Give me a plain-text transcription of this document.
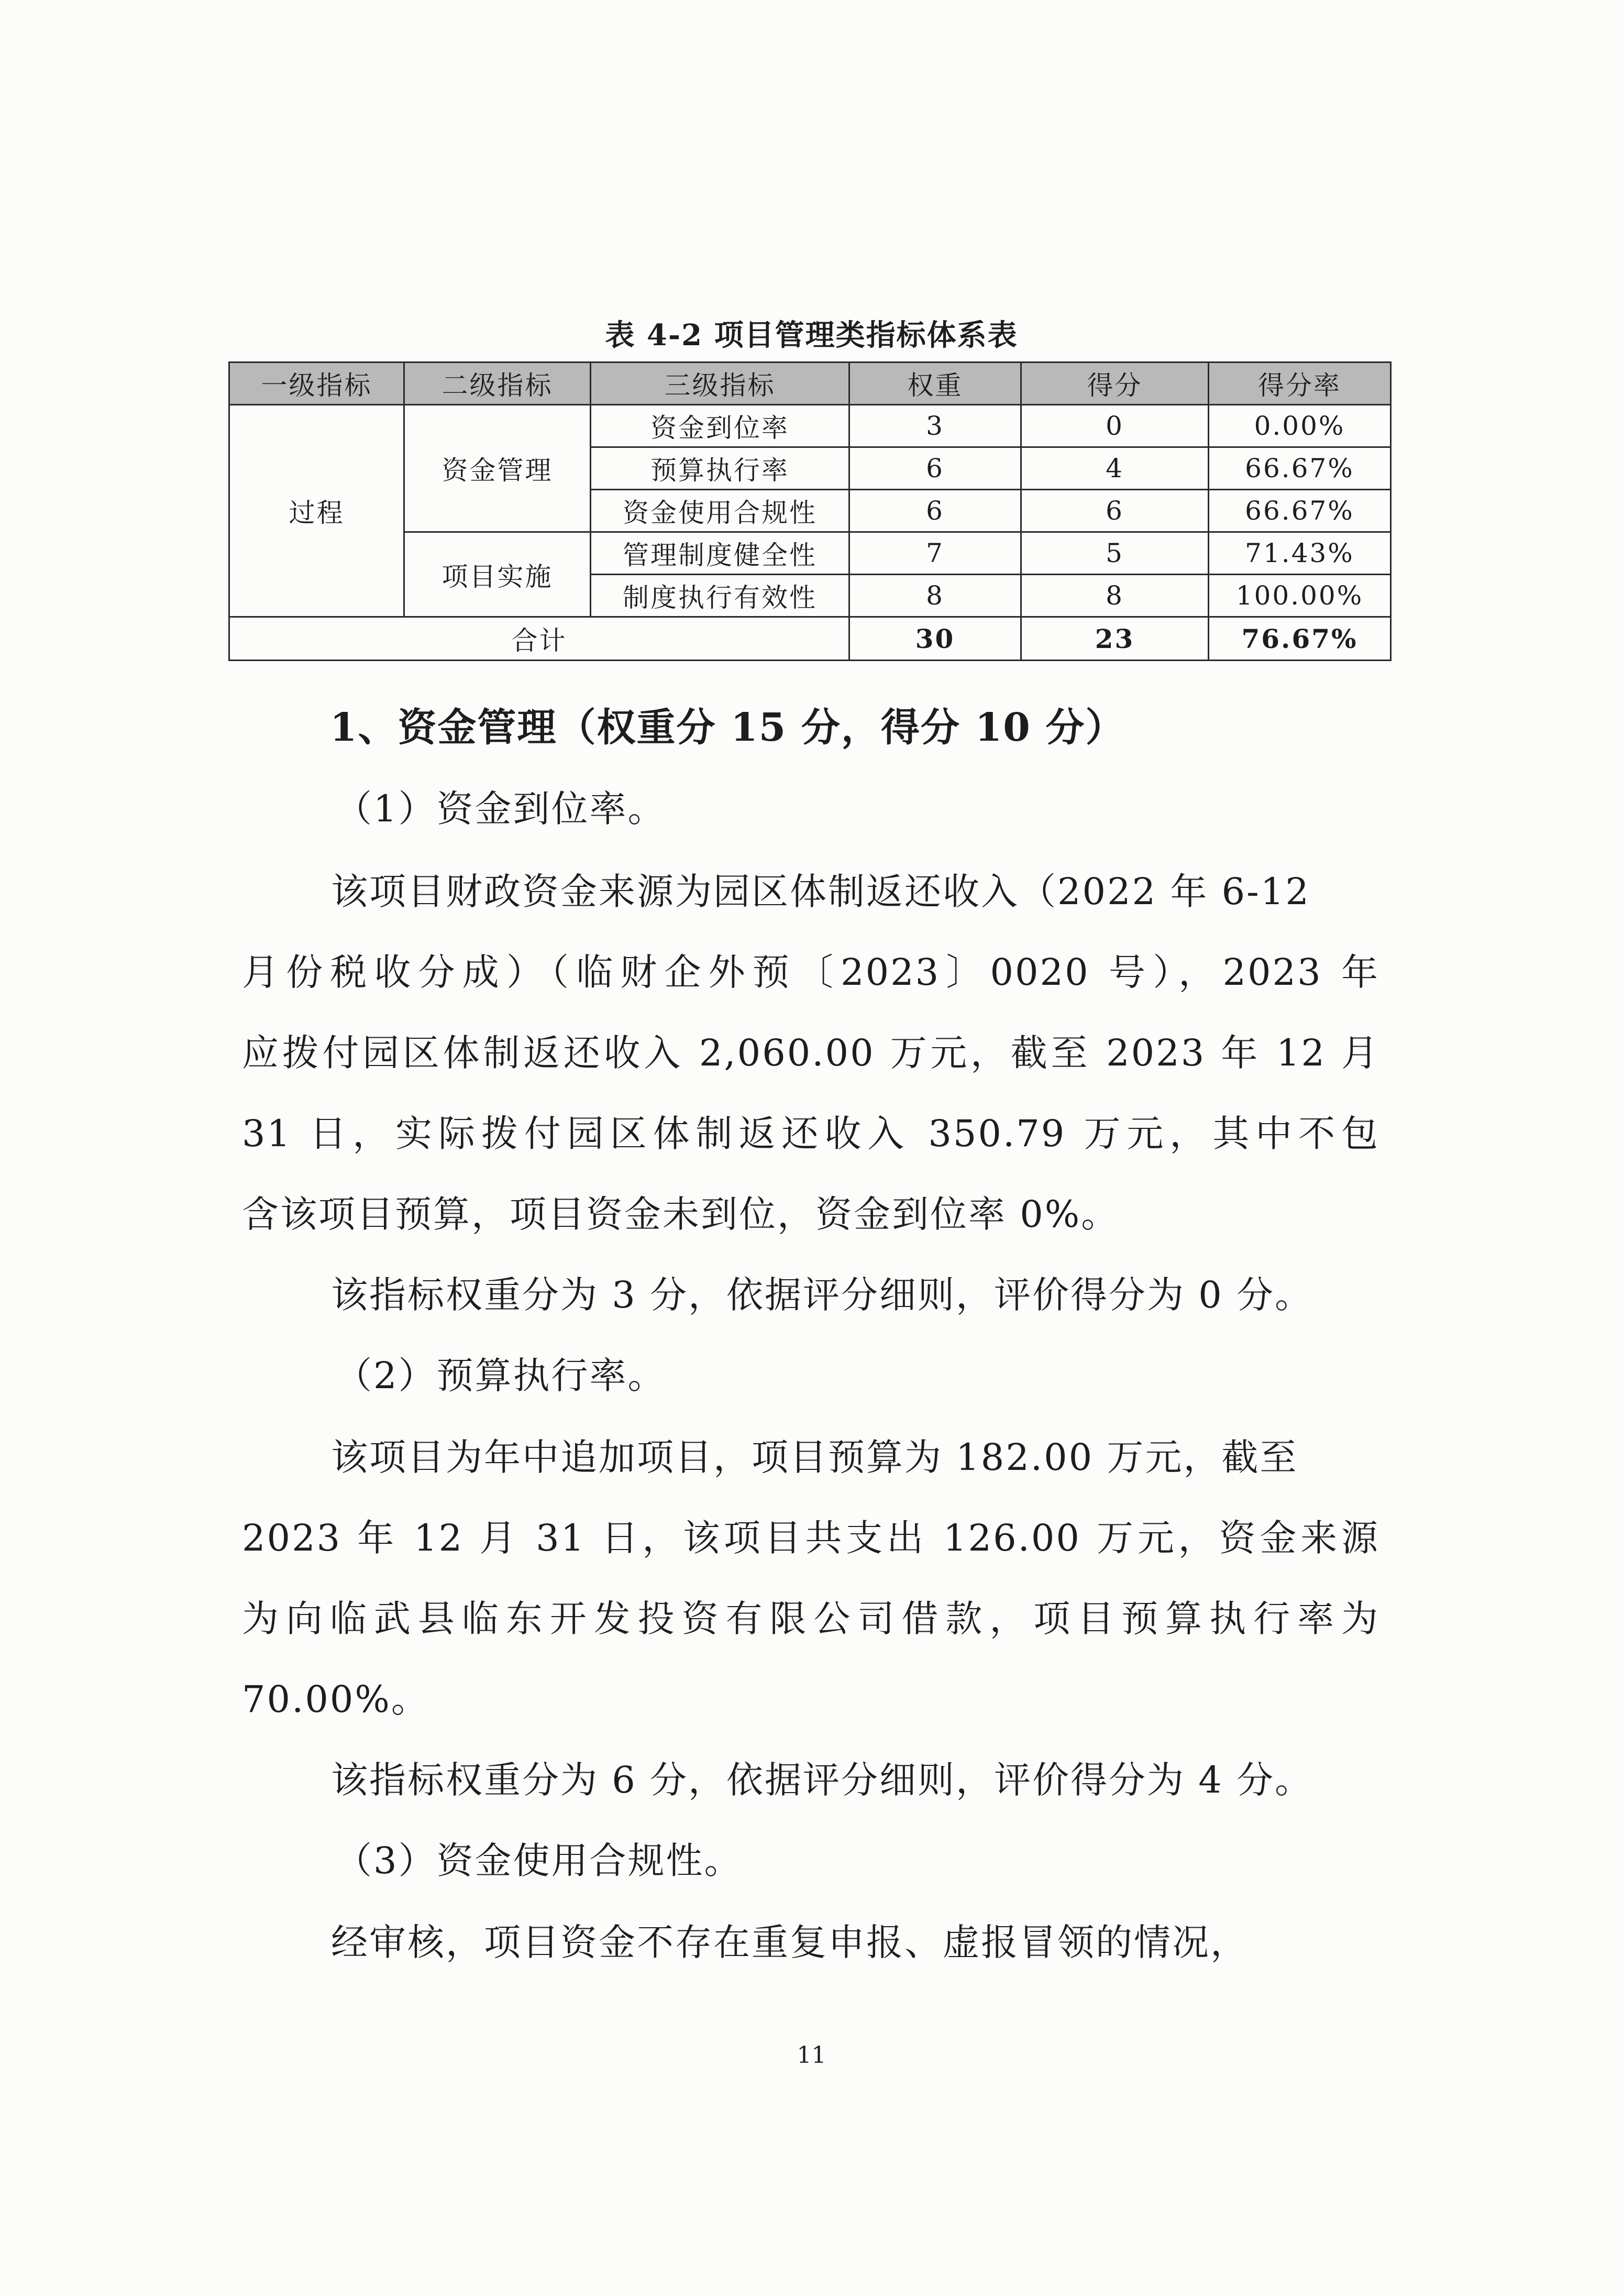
表 4-2 项目管理类指标体系表
一级指标	二级指标	三级指标	权重	得分	得分率
过程	资金管理	资金到位率	3	0	0.00%
		预算执行率	6	4	66.67%
		资金使用合规性	6	6	66.67%
	项目实施	管理制度健全性	7	5	71.43%
		制度执行有效性	8	8	100.00%
合计			30	23	76.67%
1、资金管理（权重分 15 分，得分 10 分）
（1）资金到位率。
该项目财政资金来源为园区体制返还收入（2022 年 6-12
月份税收分成）（临财企外预〔2023〕0020 号），2023 年
应拨付园区体制返还收入 2,060.00 万元，截至 2023 年 12 月
31 日，实际拨付园区体制返还收入 350.79 万元，其中不包
含该项目预算，项目资金未到位，资金到位率 0%。
该指标权重分为 3 分，依据评分细则，评价得分为 0 分。
（2）预算执行率。
该项目为年中追加项目，项目预算为 182.00 万元，截至
2023 年 12 月 31 日，该项目共支出 126.00 万元，资金来源
为向临武县临东开发投资有限公司借款，项目预算执行率为
70.00%。
该指标权重分为 6 分，依据评分细则，评价得分为 4 分。
（3）资金使用合规性。
经审核，项目资金不存在重复申报、虚报冒领的情况，
11
